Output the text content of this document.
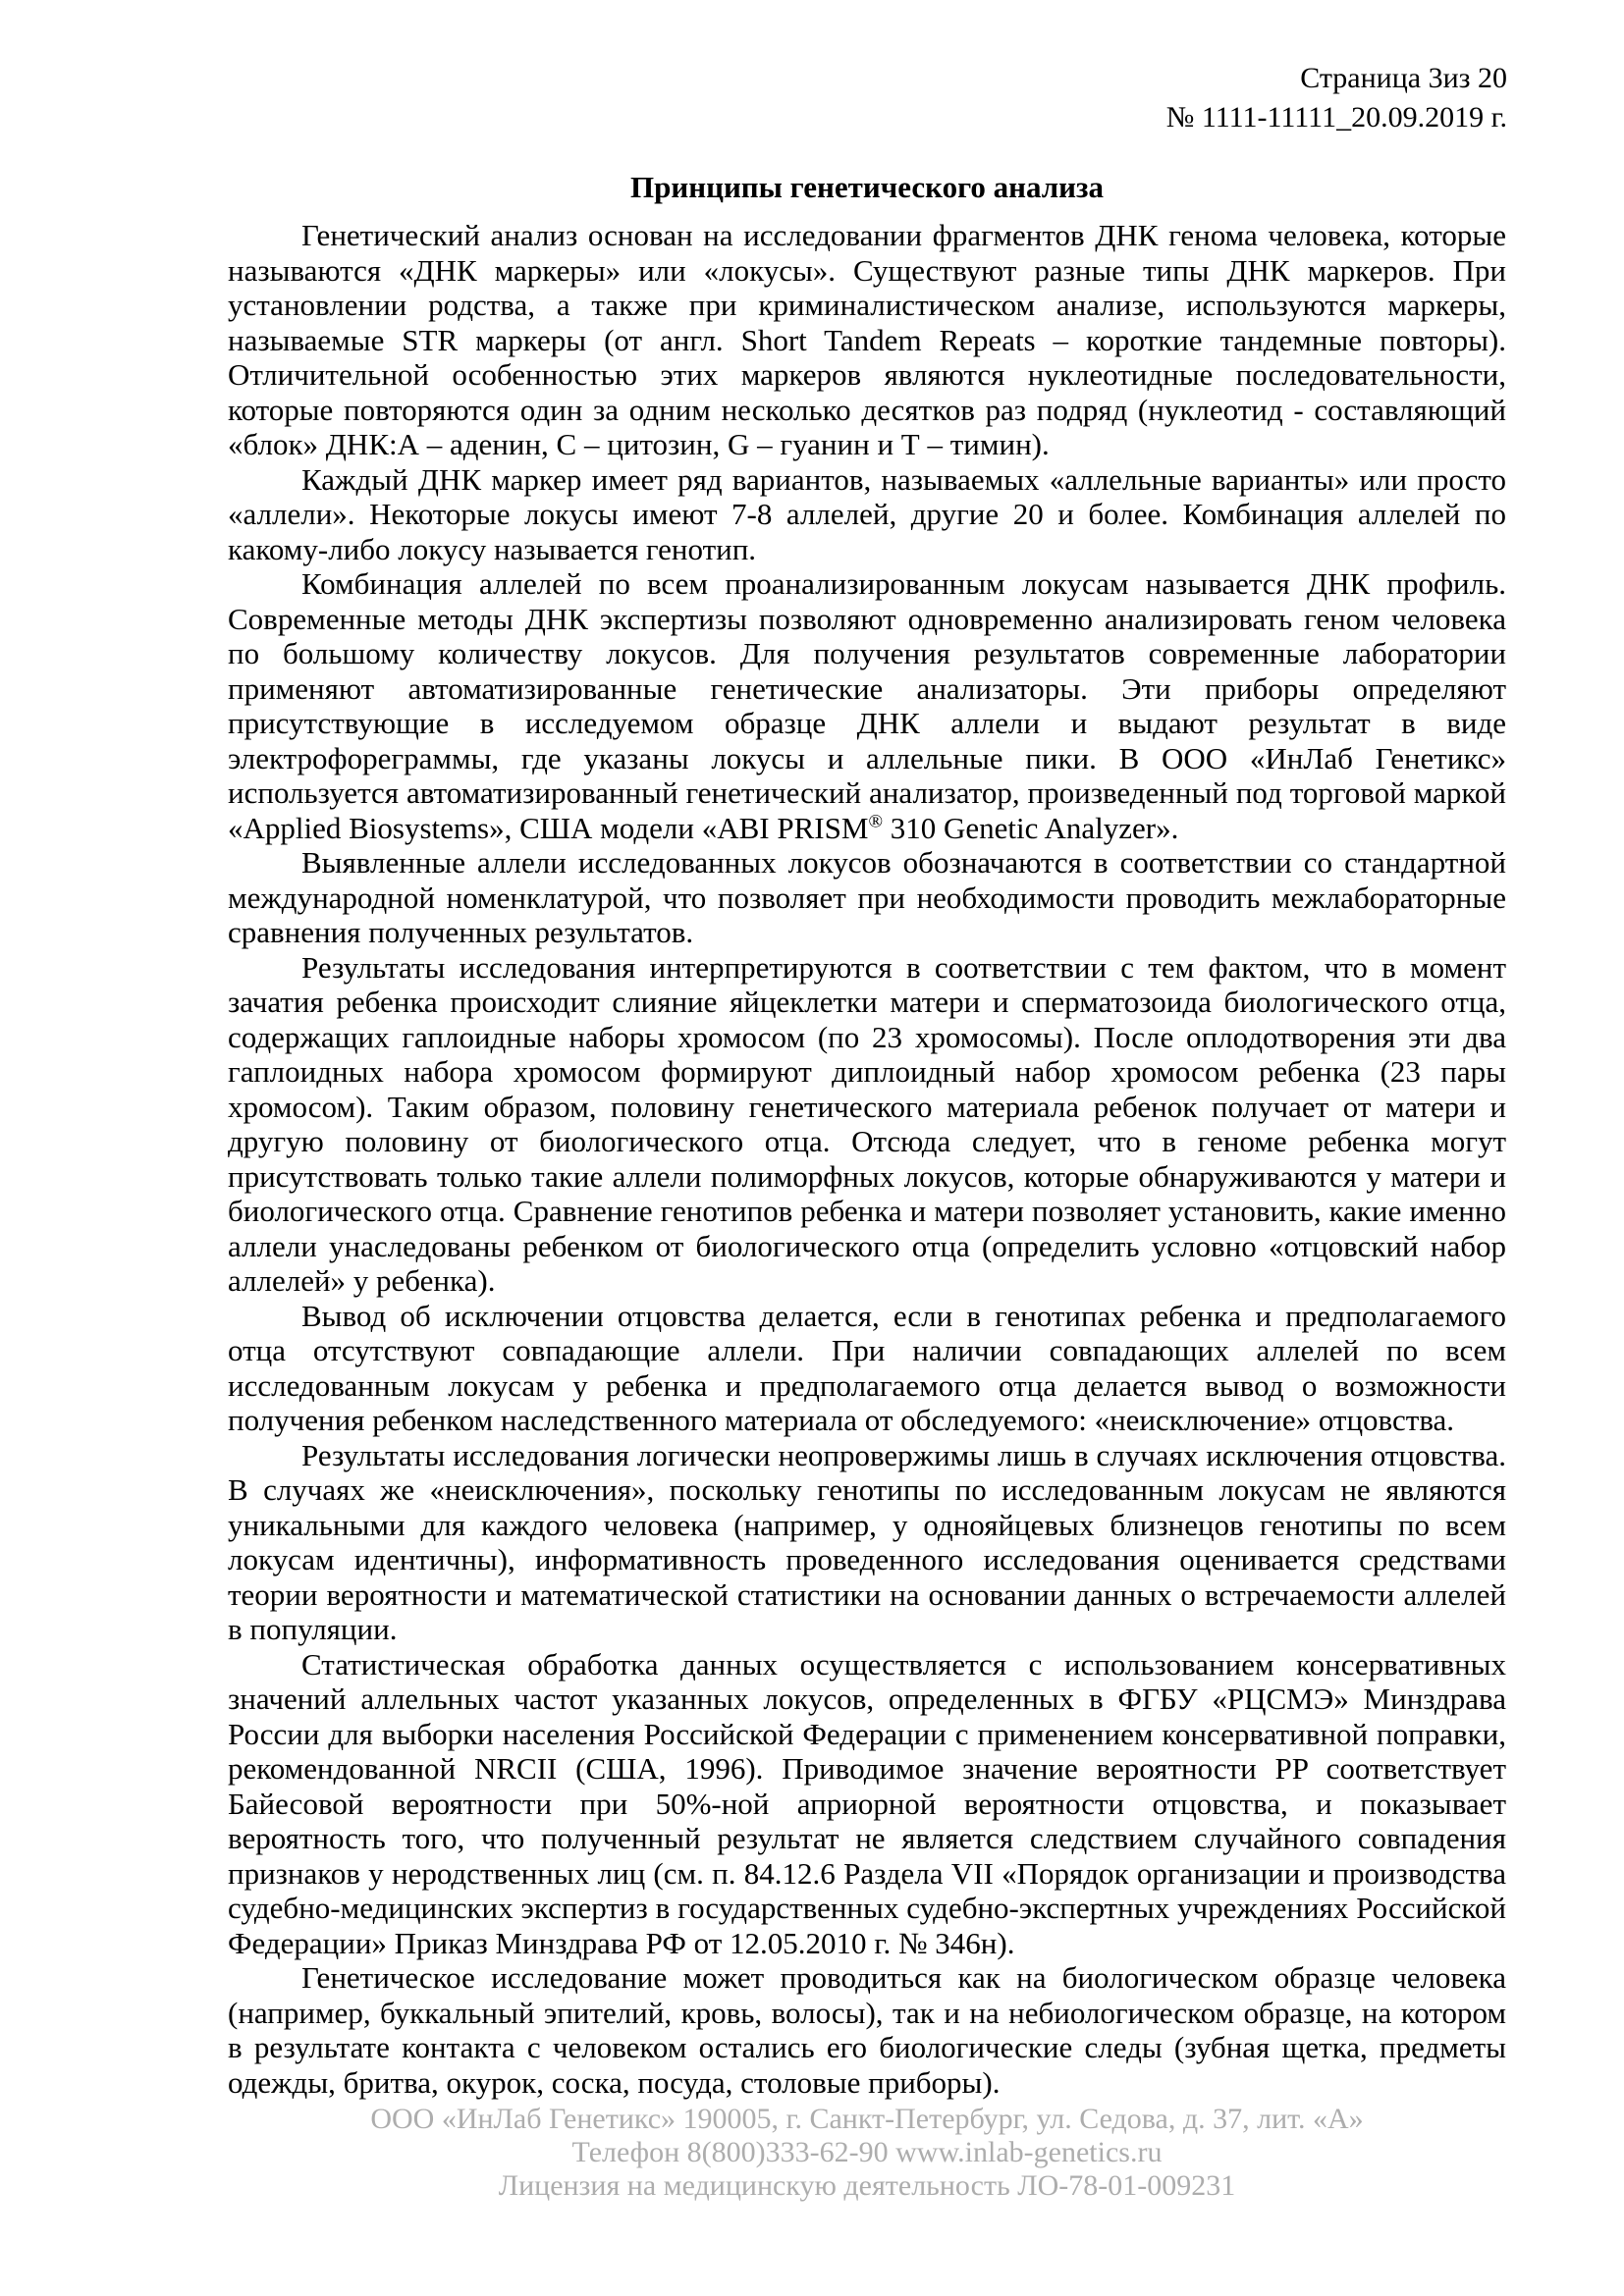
Страница 3из 20
№ 1111-11111_20.09.2019 г.
Принципы генетического анализа

Генетический анализ основан на исследовании фрагментов ДНК генома человека, которые называются «ДНК маркеры» или «локусы». Существуют разные типы ДНК маркеров. При установлении родства, а также при криминалистическом анализе, используются маркеры, называемые STR маркеры (от англ. Short Tandem Repeats – короткие тандемные повторы). Отличительной особенностью этих маркеров являются нуклеотидные последовательности, которые повторяются один за одним несколько десятков раз подряд (нуклеотид - составляющий «блок» ДНК:А – аденин, С – цитозин, G – гуанин и Т – тимин).

Каждый ДНК маркер имеет ряд вариантов, называемых «аллельные варианты» или просто «аллели». Некоторые локусы имеют 7-8 аллелей, другие 20 и более. Комбинация аллелей по какому-либо локусу называется генотип.

Комбинация аллелей по всем проанализированным локусам называется ДНК профиль. Современные методы ДНК экспертизы позволяют одновременно анализировать геном человека по большому количеству локусов. Для получения результатов современные лаборатории применяют автоматизированные генетические анализаторы. Эти приборы определяют присутствующие в исследуемом образце ДНК аллели и выдают результат в виде электрофореграммы, где указаны локусы и аллельные пики. В ООО «ИнЛаб Генетикс» используется автоматизированный генетический анализатор, произведенный под торговой маркой «Applied Biosystems», США модели «ABI PRISM® 310 Genetic Analyzer».

Выявленные аллели исследованных локусов обозначаются в соответствии со стандартной международной номенклатурой, что позволяет при необходимости проводить межлабораторные сравнения полученных результатов.

Результаты исследования интерпретируются в соответствии с тем фактом, что в момент зачатия ребенка происходит слияние яйцеклетки матери и сперматозоида биологического отца, содержащих гаплоидные наборы хромосом (по 23 хромосомы). После оплодотворения эти два гаплоидных набора хромосом формируют диплоидный набор хромосом ребенка (23 пары хромосом). Таким образом, половину генетического материала ребенок получает от матери и другую половину от биологического отца. Отсюда следует, что в геноме ребенка могут присутствовать только такие аллели полиморфных локусов, которые обнаруживаются у матери и биологического отца. Сравнение генотипов ребенка и матери позволяет установить, какие именно аллели унаследованы ребенком от биологического отца (определить условно «отцовский набор аллелей» у ребенка).

Вывод об исключении отцовства делается, если в генотипах ребенка и предполагаемого отца отсутствуют совпадающие аллели. При наличии совпадающих аллелей по всем исследованным локусам у ребенка и предполагаемого отца делается вывод о возможности получения ребенком наследственного материала от обследуемого: «неисключение» отцовства.

Результаты исследования логически неопровержимы лишь в случаях исключения отцовства. В случаях же «неисключения», поскольку генотипы по исследованным локусам не являются уникальными для каждого человека (например, у однояйцевых близнецов генотипы по всем локусам идентичны), информативность проведенного исследования оценивается средствами теории вероятности и математической статистики на основании данных о встречаемости аллелей в популяции.

Статистическая обработка данных осуществляется с использованием консервативных значений аллельных частот указанных локусов, определенных в ФГБУ «РЦСМЭ» Минздрава России для выборки населения Российской Федерации с применением консервативной поправки, рекомендованной NRCII (США, 1996). Приводимое значение вероятности PP соответствует Байесовой вероятности при 50%-ной априорной вероятности отцовства, и показывает вероятность того, что полученный результат не является следствием случайного совпадения признаков у неродственных лиц (см. п. 84.12.6 Раздела VII «Порядок организации и производства судебно-медицинских экспертиз в государственных судебно-экспертных учреждениях Российской Федерации» Приказ Минздрава РФ от 12.05.2010 г. № 346н).

Генетическое исследование может проводиться как на биологическом образце человека (например, буккальный эпителий, кровь, волосы), так и на небиологическом образце, на котором в результате контакта с человеком остались его биологические следы (зубная щетка, предметы одежды, бритва, окурок, соска, посуда, столовые приборы).

ООО «ИнЛаб Генетикс» 190005, г. Санкт-Петербург, ул. Седова, д. 37, лит. «А»
Телефон 8(800)333-62-90 www.inlab-genetics.ru
Лицензия на медицинскую деятельность ЛО-78-01-009231
